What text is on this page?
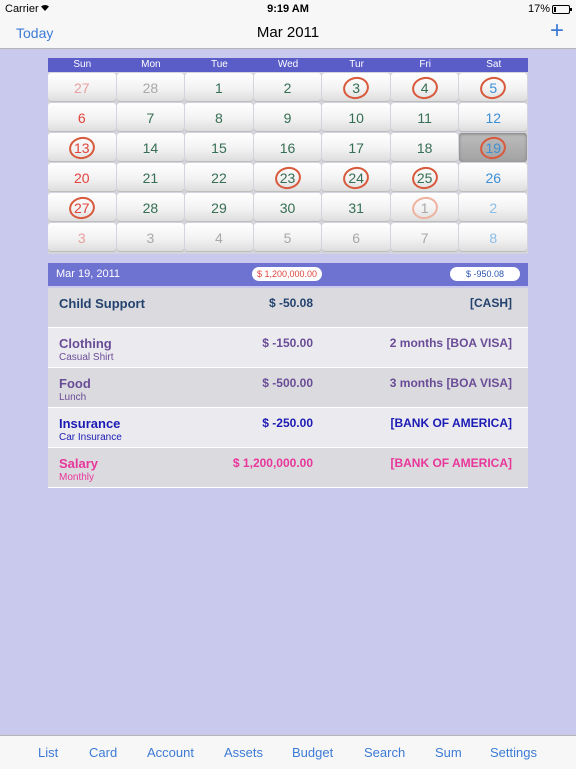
Carrier	9:19 AM	17%
Today	Mar 2011	+
Sun	Mon	Tue	Wed	Tur	Fri	Sat
27	28	1	2	3	4	5
6	7	8	9	10	11	12
13	14	15	16	17	18	19
20	21	22	23	24	25	26
27	28	29	30	31	1	2
3	3	4	5	6	7	8
Mar 19, 2011	$ 1,200,000.00	$ -950.08
Child Support	$ -50.08	[CASH]
Clothing
Casual Shirt
$ -150.00	2 months [BOA VISA]
Food
Lunch
$ -500.00	3 months [BOA VISA]
Insurance
Car Insurance
$ -250.00	[BANK OF AMERICA]
Salary
Monthly
$ 1,200,000.00	[BANK OF AMERICA]
List Card Account Assets Budget Search Sum Settings
